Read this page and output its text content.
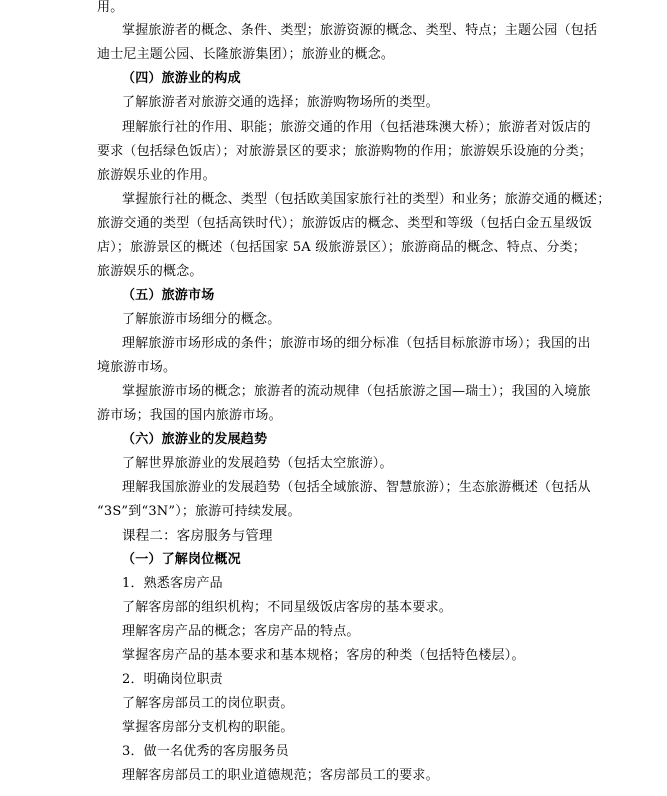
用。
掌握旅游者的概念、条件、类型；旅游资源的概念、类型、特点；主题公园（包括
迪士尼主题公园、长隆旅游集团）；旅游业的概念。
（四）旅游业的构成
了解旅游者对旅游交通的选择；旅游购物场所的类型。
理解旅行社的作用、职能；旅游交通的作用（包括港珠澳大桥）；旅游者对饭店的
要求（包括绿色饭店）；对旅游景区的要求；旅游购物的作用；旅游娱乐设施的分类；
旅游娱乐业的作用。
掌握旅行社的概念、类型（包括欧美国家旅行社的类型）和业务；旅游交通的概述；
旅游交通的类型（包括高铁时代）；旅游饭店的概念、类型和等级（包括白金五星级饭
店）；旅游景区的概述（包括国家 5A 级旅游景区）；旅游商品的概念、特点、分类；
旅游娱乐的概念。
（五）旅游市场
了解旅游市场细分的概念。
理解旅游市场形成的条件；旅游市场的细分标准（包括目标旅游市场）；我国的出
境旅游市场。
掌握旅游市场的概念；旅游者的流动规律（包括旅游之国—瑞士）；我国的入境旅
游市场；我国的国内旅游市场。
（六）旅游业的发展趋势
了解世界旅游业的发展趋势（包括太空旅游）。
理解我国旅游业的发展趋势（包括全域旅游、智慧旅游）；生态旅游概述（包括从
“3S”到“3N”）；旅游可持续发展。
课程二：客房服务与管理
（一）了解岗位概况
1．熟悉客房产品
了解客房部的组织机构；不同星级饭店客房的基本要求。
理解客房产品的概念；客房产品的特点。
掌握客房产品的基本要求和基本规格；客房的种类（包括特色楼层）。
2．明确岗位职责
了解客房部员工的岗位职责。
掌握客房部分支机构的职能。
3．做一名优秀的客房服务员
理解客房部员工的职业道德规范；客房部员工的要求。
